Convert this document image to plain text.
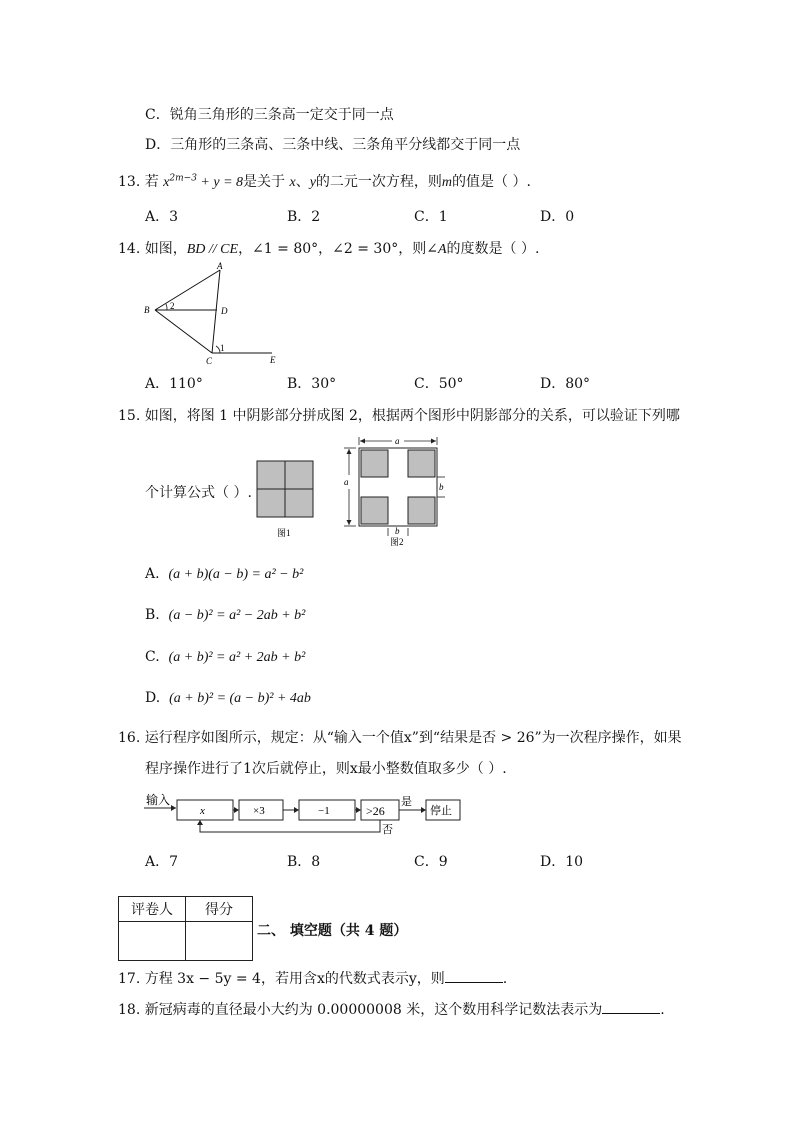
C．锐角三角形的三条高一定交于同一点
D．三角形的三条高、三条中线、三条角平分线都交于同一点
13. 若 $x^{2m-3} + y = 8$是关于 x、y的二元一次方程，则m的值是（ ）.
A．3	B．2	C．1	D．0
14. 如图，BD // CE，∠1 = 80°，∠2 = 30°，则∠A的度数是（ ）.
A
B	D
C	E
1
2
A．110°	B．30°	C．50°	D．80°
15. 如图，将图 1 中阴影部分拼成图 2，根据两个图形中阴影部分的关系，可以验证下列哪
个计算公式（ ）.
图1
a
a	b
b
图2
A. (a + b)(a − b) = a² − b²
B. (a − b)² = a² − 2ab + b²
C. (a + b)² = a² + 2ab + b²
D. (a + b)² = (a − b)² + 4ab
16. 运行程序如图所示，规定：从“输入一个值x”到“结果是否 > 26”为一次程序操作，如果
程序操作进行了1次后就停止，则x最小整数值取多少（ ）.
输入
x	×3	−1	>26
是
停止
否
A．7	B．8	C．9	D．10
评卷人	得分

二、 填空题（共 4 题）
17. 方程 3x − 5y = 4，若用含x的代数式表示y，则	.
18. 新冠病毒的直径最小大约为 0.00000008 米，这个数用科学记数法表示为	.
